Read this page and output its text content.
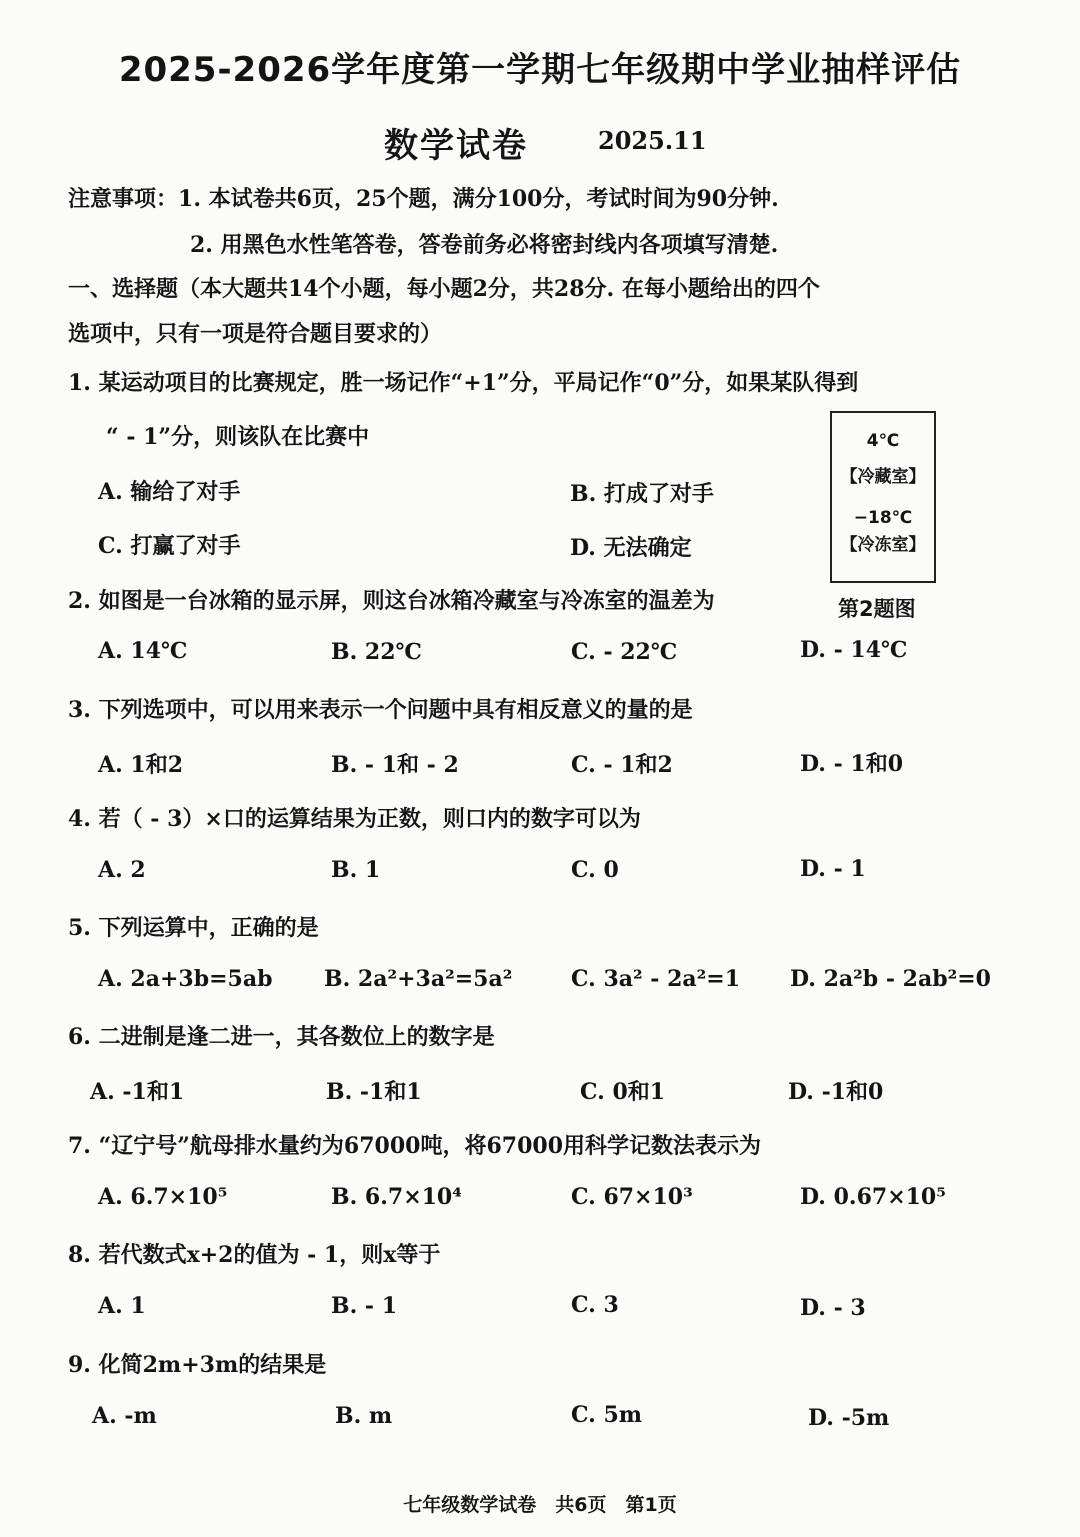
2025-2026学年度第一学期七年级期中学业抽样评估
数学试卷	2025.11
注意事项：1. 本试卷共6页，25个题，满分100分，考试时间为90分钟.
2. 用黑色水性笔答卷，答卷前务必将密封线内各项填写清楚.
一、选择题（本大题共14个小题，每小题2分，共28分. 在每小题给出的四个
选项中，只有一项是符合题目要求的）
1. 某运动项目的比赛规定，胜一场记作“+1”分，平局记作“0”分，如果某队得到
“ - 1”分，则该队在比赛中
A. 输给了对手	B. 打成了对手
C. 打赢了对手	D. 无法确定
4℃
【冷藏室】
−18℃
【冷冻室】
第2题图
2. 如图是一台冰箱的显示屏，则这台冰箱冷藏室与冷冻室的温差为
A. 14℃	B. 22℃	C. - 22℃	D. - 14℃
3. 下列选项中，可以用来表示一个问题中具有相反意义的量的是
A. 1和2	B. - 1和 - 2	C. - 1和2	D. - 1和0
4. 若（ - 3）×口的运算结果为正数，则口内的数字可以为
A. 2	B. 1	C. 0	D. - 1
5. 下列运算中，正确的是
A. 2a+3b=5ab B. 2a²+3a²=5a²	C. 3a² - 2a²=1 D. 2a²b - 2ab²=0
6. 二进制是逢二进一，其各数位上的数字是
A. -1和1	B. -1和1	C. 0和1	D. -1和0
7. “辽宁号”航母排水量约为67000吨，将67000用科学记数法表示为
A. 6.7×10⁵	B. 6.7×10⁴	C. 67×10³	D. 0.67×10⁵
8. 若代数式x+2的值为 - 1，则x等于
A. 1	B. - 1	C. 3	D. - 3
9. 化简2m+3m的结果是
A. -m	B. m	C. 5m	D. -5m
七年级数学试卷　共6页　第1页
